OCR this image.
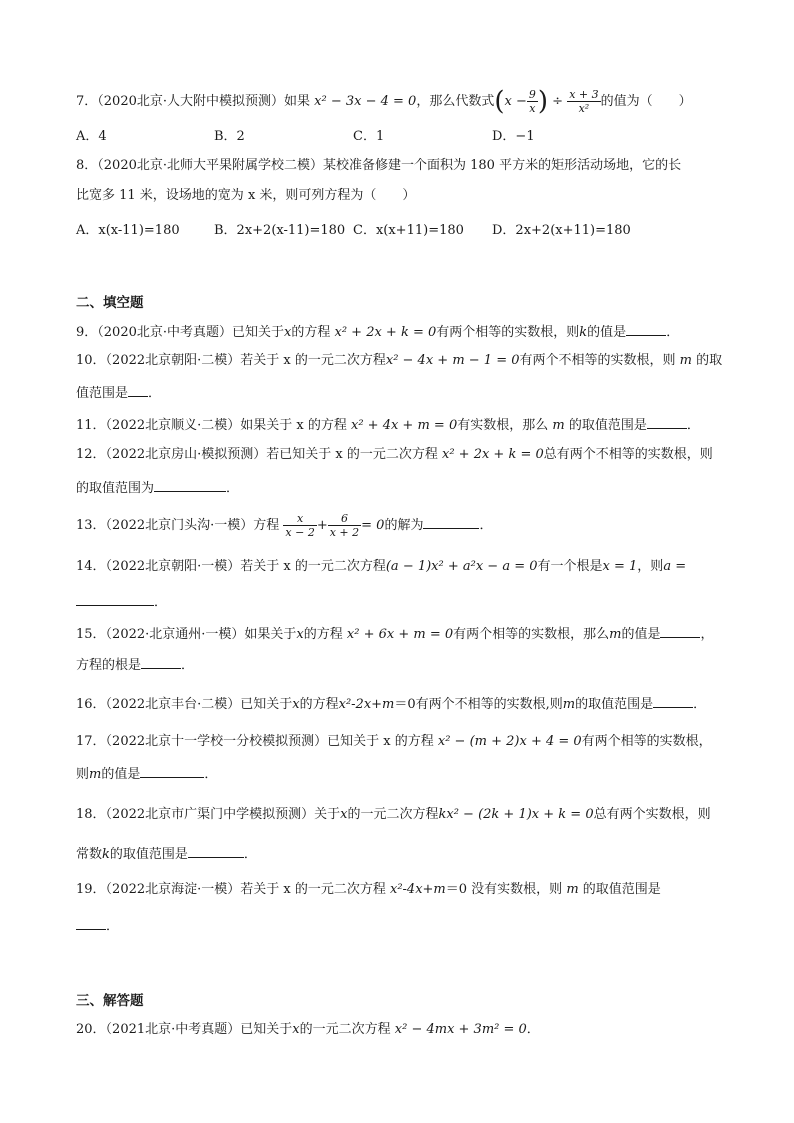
7．（2020北京·人大附中模拟预测）如果 x² − 3x − 4 = 0，那么代数式($x - \frac{9}{x}$ ) ÷ $\frac{x + 3}{\text{x²}}$ 的值为（　　）
A．4	B．2	C．1	D．−1
8．（2020北京·北师大平果附属学校二模）某校准备修建一个面积为 180 平方米的矩形活动场地，它的长
比宽多 11 米，设场地的宽为 x 米，则可列方程为（　　）
A．x(x-11)=180	B．2x+2(x-11)=180 C．x(x+11)=180 D．2x+2(x+11)=180
二、填空题
9．（2020北京·中考真题）已知关于x的方程 x² + 2x + k = 0有两个相等的实数根，则k的值是	．
10．（2022北京朝阳·二模）若关于 x 的一元二次方程x² − 4x + m − 1 = 0有两个不相等的实数根，则 m 的取
值范围是 ．
11．（2022北京顺义·二模）如果关于 x 的方程 x² + 4x + m = 0有实数根，那么 m 的取值范围是	．
12．（2022北京房山·模拟预测）若已知关于 x 的一元二次方程 x² + 2x + k = 0总有两个不相等的实数根，则
的取值范围为	．
13．（2022北京门头沟·一模）方程 $\frac{x}{x - 2} + \frac{6}{x + 2} = 0$的解为	．
14．（2022北京朝阳·一模）若关于 x 的一元二次方程(a − 1)x² + a²x − a = 0有一个根是x = 1，则a =
．
15．（2022·北京通州·一模）如果关于x的方程 x² + 6x + m = 0有两个相等的实数根，那么m的值是	，
方程的根是	．
16．（2022北京丰台·二模）已知关于x的方程x²-2x+m＝0有两个不相等的实数根,则m的取值范围是	．
17．（2022北京十一学校一分校模拟预测）已知关于 x 的方程 x² − (m + 2)x + 4 = 0有两个相等的实数根，
则m的值是	．
18．（2022北京市广渠门中学模拟预测）关于x的一元二次方程kx² − (2k + 1)x + k = 0总有两个实数根，则
常数k的取值范围是	．
19．（2022北京海淀·一模）若关于 x 的一元二次方程 x²-4x+m＝0 没有实数根，则 m 的取值范围是
．
三、解答题
20．（2021北京·中考真题）已知关于x的一元二次方程 x² − 4mx + 3m² = 0．
